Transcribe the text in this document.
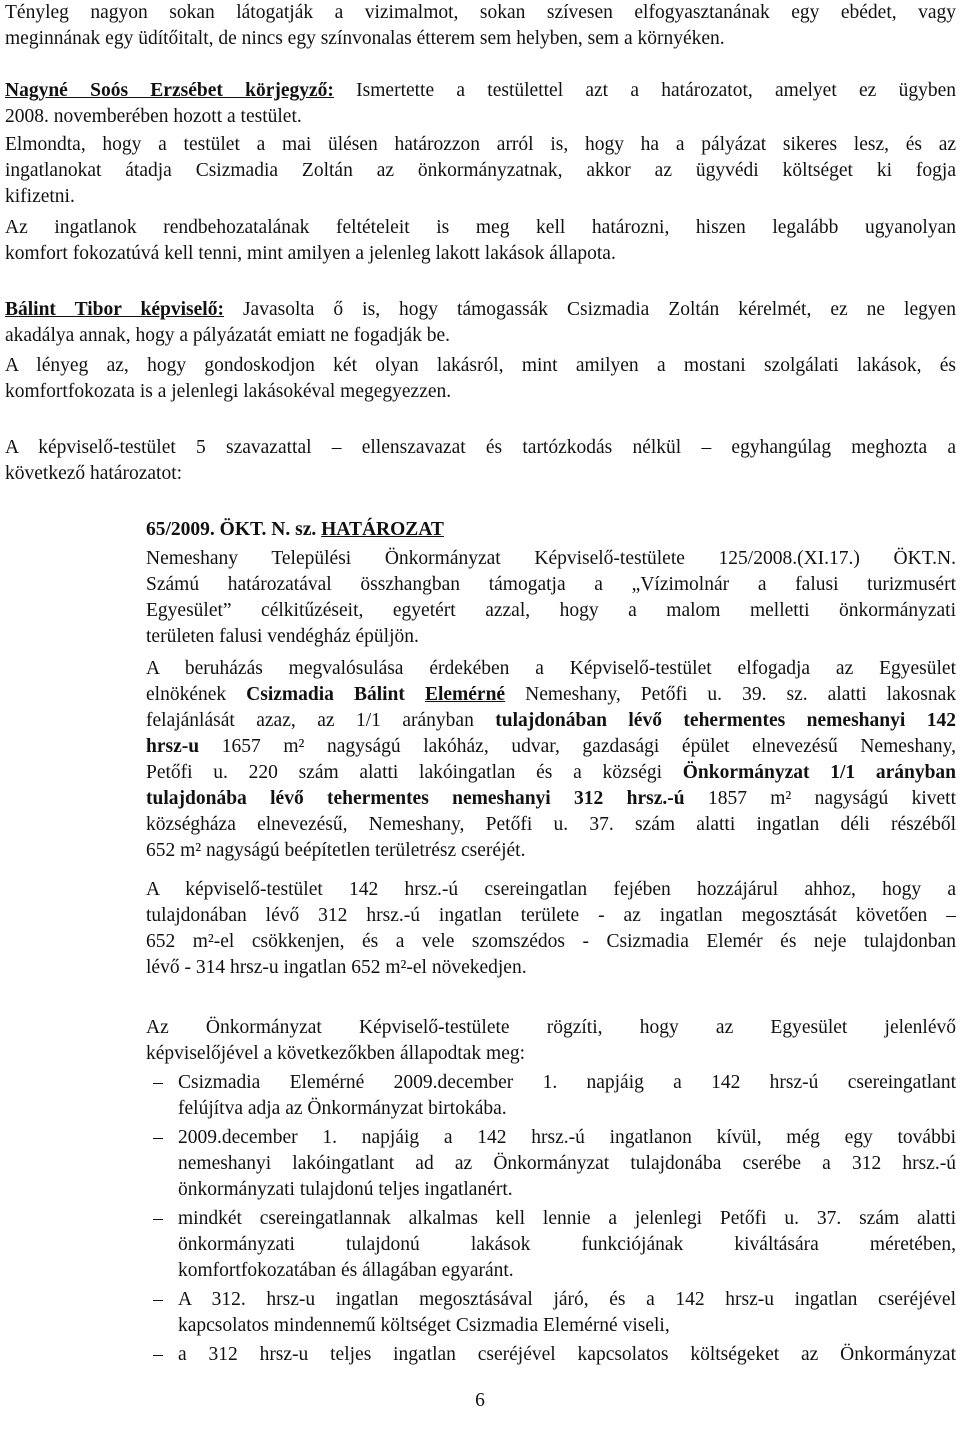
Tényleg nagyon sokan látogatják a vizimalmot, sokan szívesen elfogyasztanának egy ebédet, vagy
meginnának egy üdítőitalt, de nincs egy színvonalas étterem sem helyben, sem a környéken.
Nagyné Soós Erzsébet körjegyző: Ismertette a testülettel azt a határozatot, amelyet ez ügyben
2008. novemberében hozott a testület.
Elmondta, hogy a testület a mai ülésen határozzon arról is, hogy ha a pályázat sikeres lesz, és az
ingatlanokat átadja Csizmadia Zoltán az önkormányzatnak, akkor az ügyvédi költséget ki fogja
kifizetni.
Az ingatlanok rendbehozatalának feltételeit is meg kell határozni, hiszen legalább ugyanolyan
komfort fokozatúvá kell tenni, mint amilyen a jelenleg lakott lakások állapota.
Bálint Tibor képviselő: Javasolta ő is, hogy támogassák Csizmadia Zoltán kérelmét, ez ne legyen
akadálya annak, hogy a pályázatát emiatt ne fogadják be.
A lényeg az, hogy gondoskodjon két olyan lakásról, mint amilyen a mostani szolgálati lakások, és
komfortfokozata is a jelenlegi lakásokéval megegyezzen.
A képviselő-testület 5 szavazattal – ellenszavazat és tartózkodás nélkül – egyhangúlag meghozta a
következő határozatot:
65/2009. ÖKT. N. sz. HATÁROZAT
Nemeshany Települési Önkormányzat Képviselő-testülete 125/2008.(XI.17.) ÖKT.N.
Számú határozatával összhangban támogatja a „Vízimolnár a falusi turizmusért
Egyesület” célkitűzéseit, egyetért azzal, hogy a malom melletti önkormányzati
területen falusi vendégház épüljön.
A beruházás megvalósulása érdekében a Képviselő-testület elfogadja az Egyesület
elnökének Csizmadia Bálint Elemérné Nemeshany, Petőfi u. 39. sz. alatti lakosnak
felajánlását azaz, az 1/1 arányban tulajdonában lévő tehermentes nemeshanyi 142
hrsz-u 1657 m² nagyságú lakóház, udvar, gazdasági épület elnevezésű Nemeshany,
Petőfi u. 220 szám alatti lakóingatlan és a községi Önkormányzat 1/1 arányban
tulajdonába lévő tehermentes nemeshanyi 312 hrsz.-ú 1857 m² nagyságú kivett
községháza elnevezésű, Nemeshany, Petőfi u. 37. szám alatti ingatlan déli részéből
652 m² nagyságú beépítetlen területrész cseréjét.
A képviselő-testület 142 hrsz.-ú csereingatlan fejében hozzájárul ahhoz, hogy a
tulajdonában lévő 312 hrsz.-ú ingatlan területe - az ingatlan megosztását követően –
652 m²-el csökkenjen, és a vele szomszédos - Csizmadia Elemér és neje tulajdonban
lévő - 314 hrsz-u ingatlan 652 m²-el növekedjen.
Az Önkormányzat Képviselő-testülete rögzíti, hogy az Egyesület jelenlévő
képviselőjével a következőkben állapodtak meg:
– Csizmadia Elemérné 2009.december 1. napjáig a 142 hrsz-ú csereingatlant
felújítva adja az Önkormányzat birtokába.
– 2009.december 1. napjáig a 142 hrsz.-ú ingatlanon kívül, még egy további
nemeshanyi lakóingatlant ad az Önkormányzat tulajdonába cserébe a 312 hrsz.-ú
önkormányzati tulajdonú teljes ingatlanért.
– mindkét csereingatlannak alkalmas kell lennie a jelenlegi Petőfi u. 37. szám alatti
önkormányzati tulajdonú lakások funkciójának kiváltására méretében,
komfortfokozatában és állagában egyaránt.
– A 312. hrsz-u ingatlan megosztásával járó, és a 142 hrsz-u ingatlan cseréjével
kapcsolatos mindennemű költséget Csizmadia Elemérné viseli,
– a 312 hrsz-u teljes ingatlan cseréjével kapcsolatos költségeket az Önkormányzat
6
